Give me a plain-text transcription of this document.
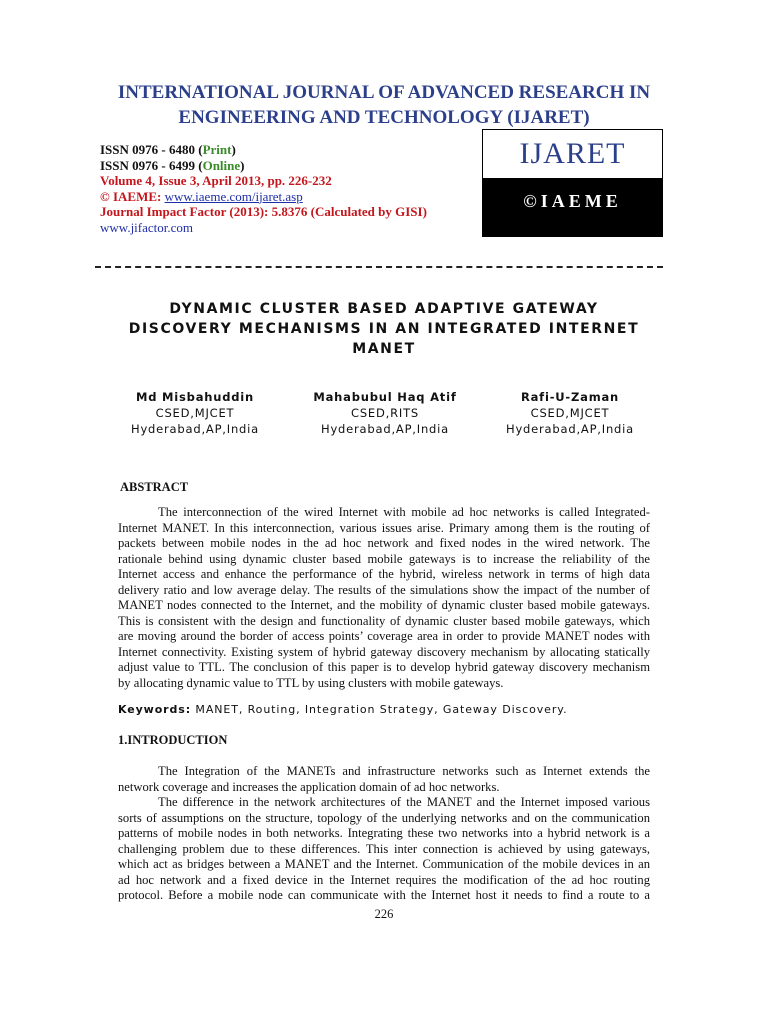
INTERNATIONAL JOURNAL OF ADVANCED RESEARCH IN
ENGINEERING AND TECHNOLOGY (IJARET)
ISSN 0976 - 6480 (Print)
ISSN 0976 - 6499 (Online)
Volume 4, Issue 3, April 2013, pp. 226-232
© IAEME: www.iaeme.com/ijaret.asp
Journal Impact Factor (2013): 5.8376 (Calculated by GISI)
www.jifactor.com
IJARET
©IAEME
DYNAMIC CLUSTER BASED ADAPTIVE GATEWAY
DISCOVERY MECHANISMS IN AN INTEGRATED INTERNET
MANET
Md Misbahuddin
CSED,MJCET
Hyderabad,AP,India
Mahabubul Haq Atif
CSED,RITS
Hyderabad,AP,India
Rafi-U-Zaman
CSED,MJCET
Hyderabad,AP,India
ABSTRACT
The interconnection of the wired Internet with mobile ad hoc networks is called Integrated-
Internet MANET. In this interconnection, various issues arise. Primary among them is the routing of
packets between mobile nodes in the ad hoc network and fixed nodes in the wired network. The
rationale behind using dynamic cluster based mobile gateways is to increase the reliability of the
Internet access and enhance the performance of the hybrid, wireless network in terms of high data
delivery ratio and low average delay. The results of the simulations show the impact of the number of
MANET nodes connected to the Internet, and the mobility of dynamic cluster based mobile gateways.
This is consistent with the design and functionality of dynamic cluster based mobile gateways, which
are moving around the border of access points’ coverage area in order to provide MANET nodes with
Internet connectivity. Existing system of hybrid gateway discovery mechanism by allocating statically
adjust value to TTL. The conclusion of this paper is to develop hybrid gateway discovery mechanism
by allocating dynamic value to TTL by using clusters with mobile gateways.
Keywords: MANET, Routing, Integration Strategy, Gateway Discovery.
1.INTRODUCTION
The Integration of the MANETs and infrastructure networks such as Internet extends the
network coverage and increases the application domain of ad hoc networks.
The difference in the network architectures of the MANET and the Internet imposed various
sorts of assumptions on the structure, topology of the underlying networks and on the communication
patterns of mobile nodes in both networks. Integrating these two networks into a hybrid network is a
challenging problem due to these differences. This inter connection is achieved by using gateways,
which act as bridges between a MANET and the Internet. Communication of the mobile devices in an
ad hoc network and a fixed device in the Internet requires the modification of the ad hoc routing
protocol. Before a mobile node can communicate with the Internet host it needs to find a route to a
226
